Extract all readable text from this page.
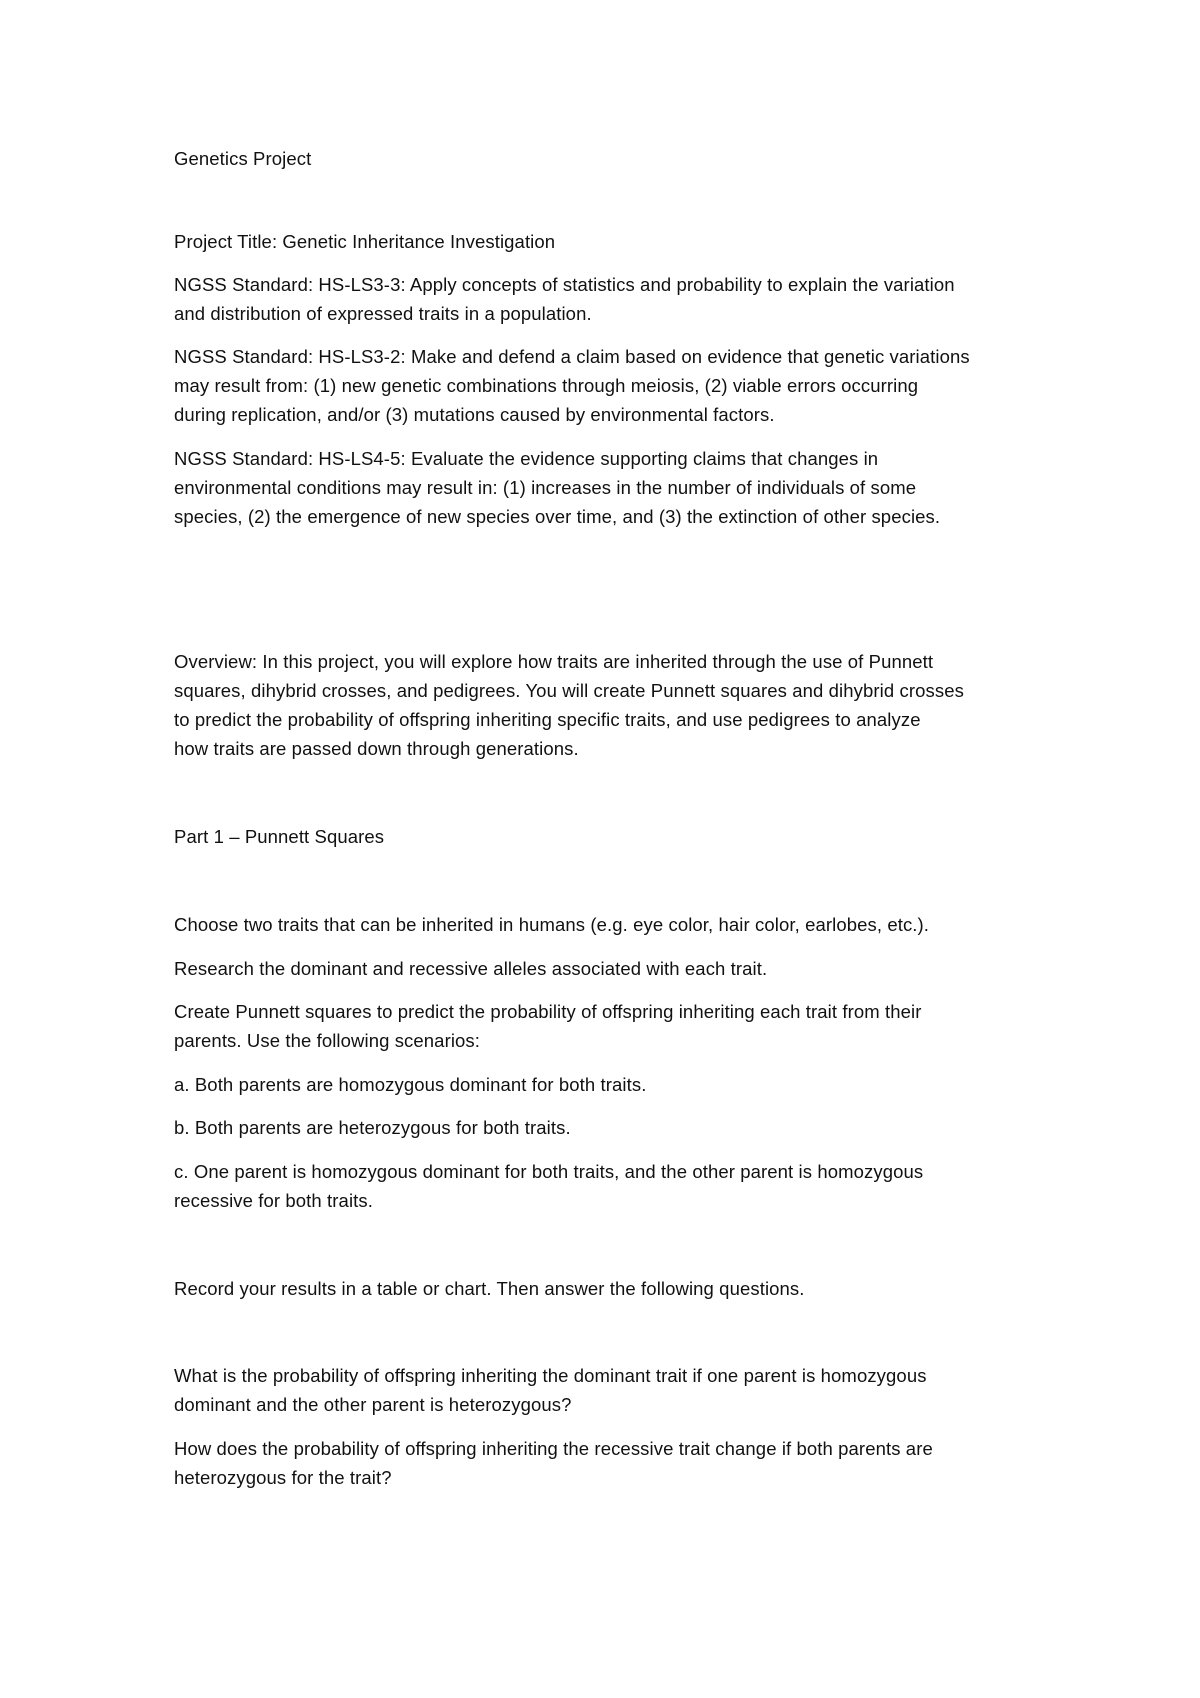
Genetics Project

Project Title: Genetic Inheritance Investigation

NGSS Standard: HS-LS3-3: Apply concepts of statistics and probability to explain the variation

and distribution of expressed traits in a population.

NGSS Standard: HS-LS3-2: Make and defend a claim based on evidence that genetic variations

may result from: (1) new genetic combinations through meiosis, (2) viable errors occurring

during replication, and/or (3) mutations caused by environmental factors.

NGSS Standard: HS-LS4-5: Evaluate the evidence supporting claims that changes in

environmental conditions may result in: (1) increases in the number of individuals of some

species, (2) the emergence of new species over time, and (3) the extinction of other species.

Overview: In this project, you will explore how traits are inherited through the use of Punnett

squares, dihybrid crosses, and pedigrees. You will create Punnett squares and dihybrid crosses

to predict the probability of offspring inheriting specific traits, and use pedigrees to analyze

how traits are passed down through generations.

Part 1 – Punnett Squares

Choose two traits that can be inherited in humans (e.g. eye color, hair color, earlobes, etc.).

Research the dominant and recessive alleles associated with each trait.

Create Punnett squares to predict the probability of offspring inheriting each trait from their

parents. Use the following scenarios:

a. Both parents are homozygous dominant for both traits.

b. Both parents are heterozygous for both traits.

c. One parent is homozygous dominant for both traits, and the other parent is homozygous

recessive for both traits.

Record your results in a table or chart. Then answer the following questions.

What is the probability of offspring inheriting the dominant trait if one parent is homozygous

dominant and the other parent is heterozygous?

How does the probability of offspring inheriting the recessive trait change if both parents are

heterozygous for the trait?
